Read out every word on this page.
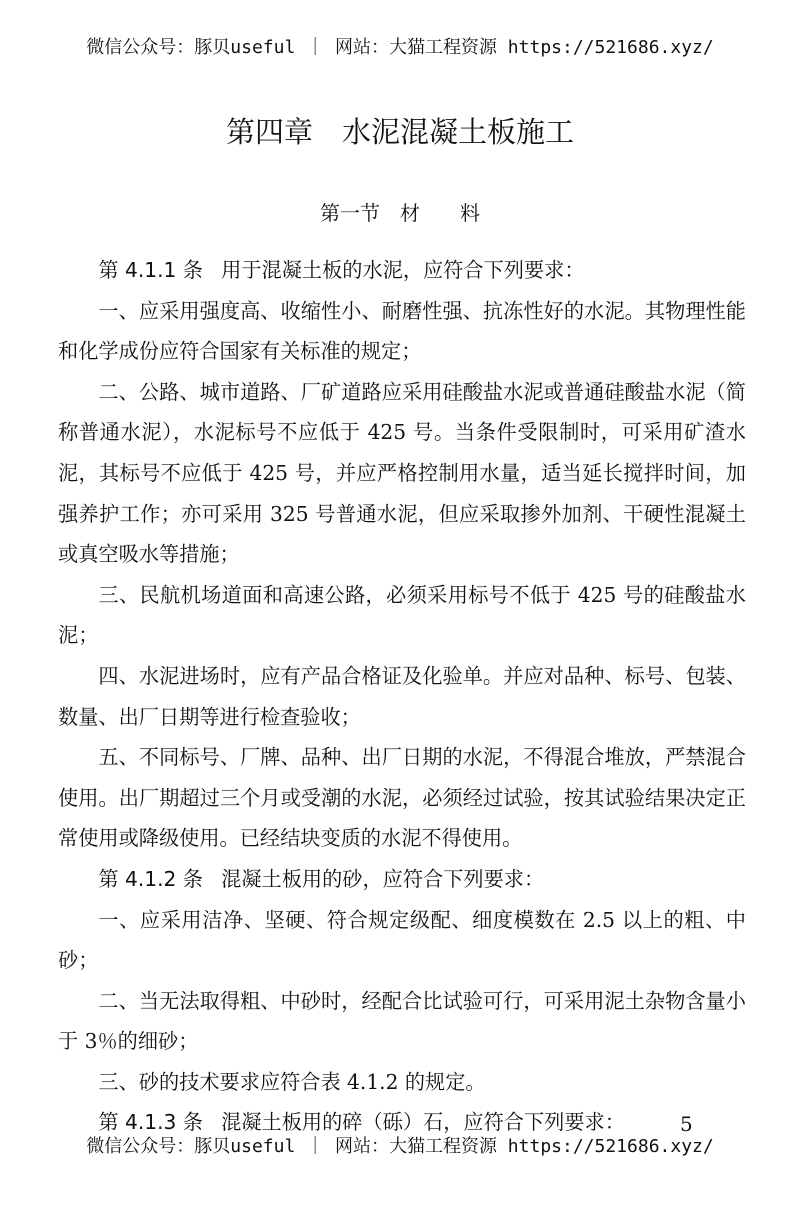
微信公众号：豚贝useful ｜ 网站：大猫工程资源 https://521686.xyz/
第四章　水泥混凝土板施工
第一节　材　　料

第 4.1.1 条 用于混凝土板的水泥，应符合下列要求：

一、应采用强度高、收缩性小、耐磨性强、抗冻性好的水泥。其物理性能和化学成份应符合国家有关标准的规定；

二、公路、城市道路、厂矿道路应采用硅酸盐水泥或普通硅酸盐水泥（简称普通水泥），水泥标号不应低于 425 号。当条件受限制时，可采用矿渣水泥，其标号不应低于 425 号，并应严格控制用水量，适当延长搅拌时间，加强养护工作；亦可采用 325 号普通水泥，但应采取掺外加剂、干硬性混凝土或真空吸水等措施；

三、民航机场道面和高速公路，必须采用标号不低于 425 号的硅酸盐水泥；

四、水泥进场时，应有产品合格证及化验单。并应对品种、标号、包装、数量、出厂日期等进行检查验收；

五、不同标号、厂牌、品种、出厂日期的水泥，不得混合堆放，严禁混合使用。出厂期超过三个月或受潮的水泥，必须经过试验，按其试验结果决定正常使用或降级使用。已经结块变质的水泥不得使用。

第 4.1.2 条 混凝土板用的砂，应符合下列要求：

一、应采用洁净、坚硬、符合规定级配、细度模数在 2.5 以上的粗、中砂；

二、当无法取得粗、中砂时，经配合比试验可行，可采用泥土杂物含量小于 3％的细砂；

三、砂的技术要求应符合表 4.1.2 的规定。

第 4.1.3 条 混凝土板用的碎（砾）石，应符合下列要求：	5
微信公众号：豚贝useful ｜ 网站：大猫工程资源 https://521686.xyz/
